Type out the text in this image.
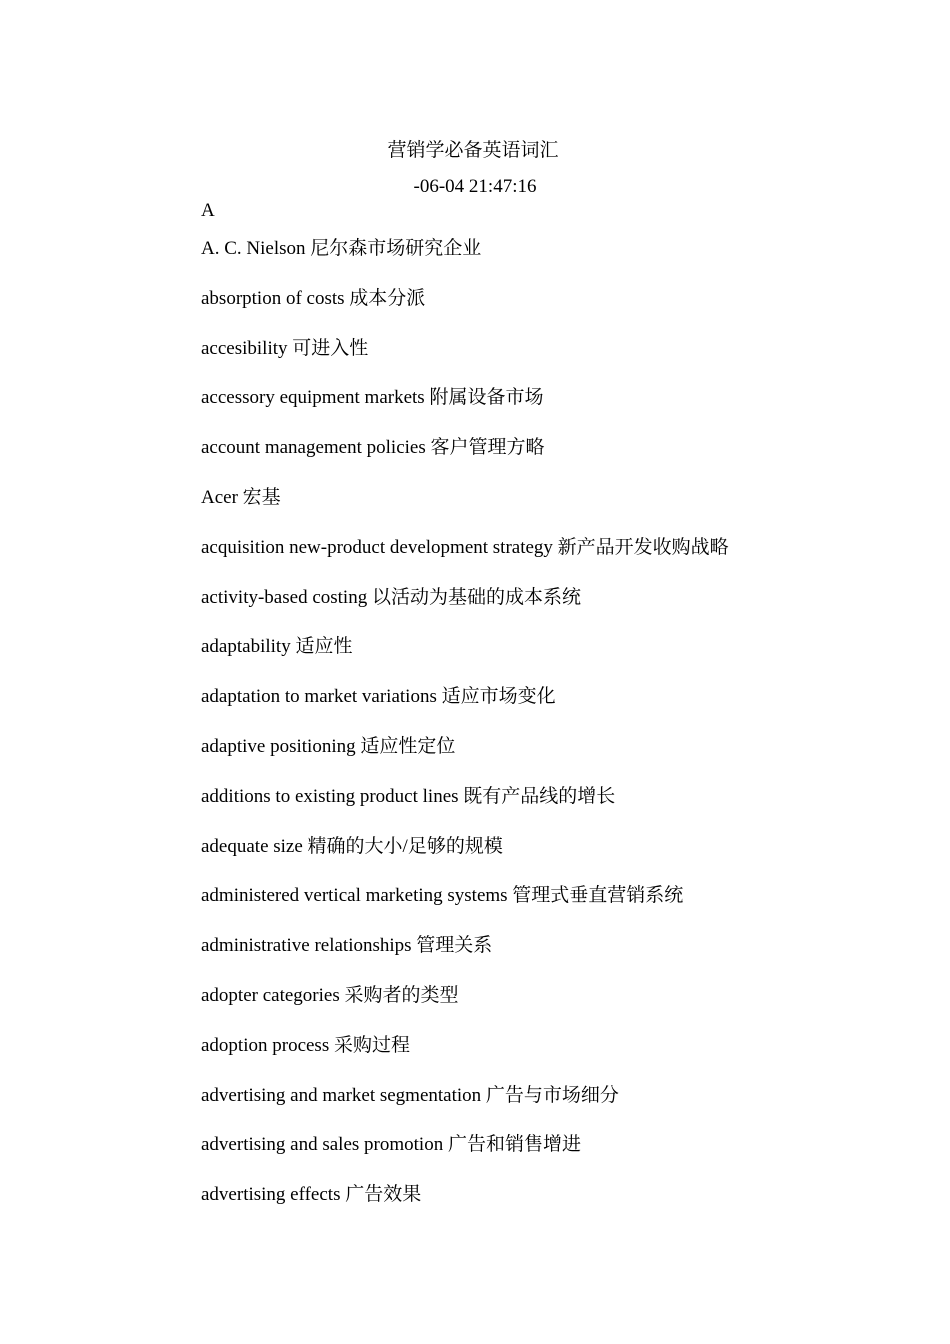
营销学必备英语词汇
-06-04 21:47:16
A
A. C. Nielson 尼尔森市场研究企业
absorption of costs 成本分派
accesibility 可进入性
accessory equipment markets 附属设备市场
account management policies 客户管理方略
Acer 宏基
acquisition new-product development strategy 新产品开发收购战略
activity-based costing 以活动为基础的成本系统
adaptability 适应性
adaptation to market variations 适应市场变化
adaptive positioning 适应性定位
additions to existing product lines 既有产品线的增长
adequate size 精确的大小/足够的规模
administered vertical marketing systems 管理式垂直营销系统
administrative relationships 管理关系
adopter categories 采购者的类型
adoption process 采购过程
advertising and market segmentation 广告与市场细分
advertising and sales promotion 广告和销售增进
advertising effects 广告效果
